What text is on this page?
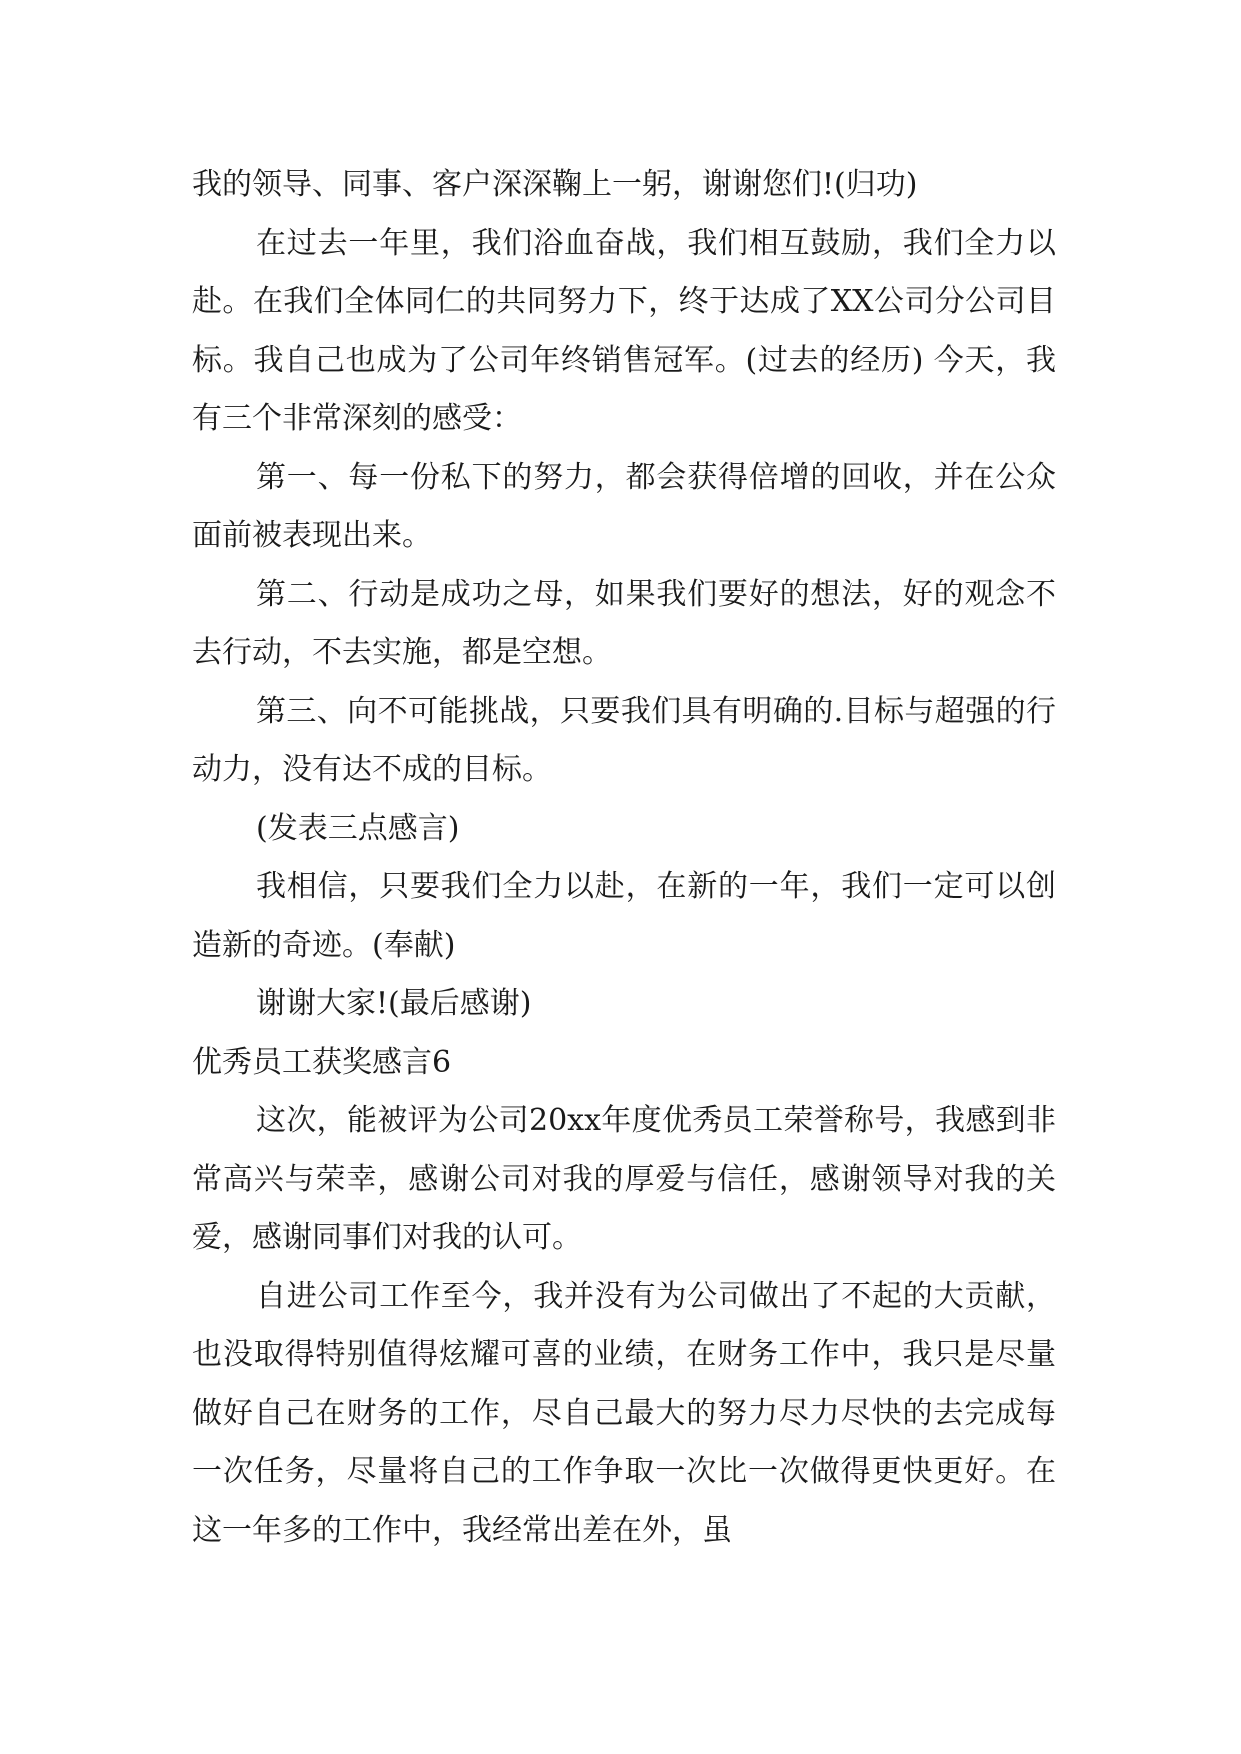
我的领导、同事、客户深深鞠上一躬，谢谢您们!(归功)

在过去一年里，我们浴血奋战，我们相互鼓励，我们全力以赴。在我们全体同仁的共同努力下，终于达成了XX公司分公司目标。我自己也成为了公司年终销售冠军。(过去的经历) 今天，我有三个非常深刻的感受：

第一、每一份私下的努力，都会获得倍增的回收，并在公众面前被表现出来。

第二、行动是成功之母，如果我们要好的想法，好的观念不去行动，不去实施，都是空想。

第三、向不可能挑战，只要我们具有明确的.目标与超强的行动力，没有达不成的目标。

(发表三点感言)

我相信，只要我们全力以赴，在新的一年，我们一定可以创造新的奇迹。(奉献)

谢谢大家!(最后感谢)

优秀员工获奖感言6

这次，能被评为公司20xx年度优秀员工荣誉称号，我感到非常高兴与荣幸，感谢公司对我的厚爱与信任，感谢领导对我的关爱，感谢同事们对我的认可。

自进公司工作至今，我并没有为公司做出了不起的大贡献，也没取得特别值得炫耀可喜的业绩，在财务工作中，我只是尽量做好自己在财务的工作，尽自己最大的努力尽力尽快的去完成每一次任务，尽量将自己的工作争取一次比一次做得更快更好。在这一年多的工作中，我经常出差在外，虽
